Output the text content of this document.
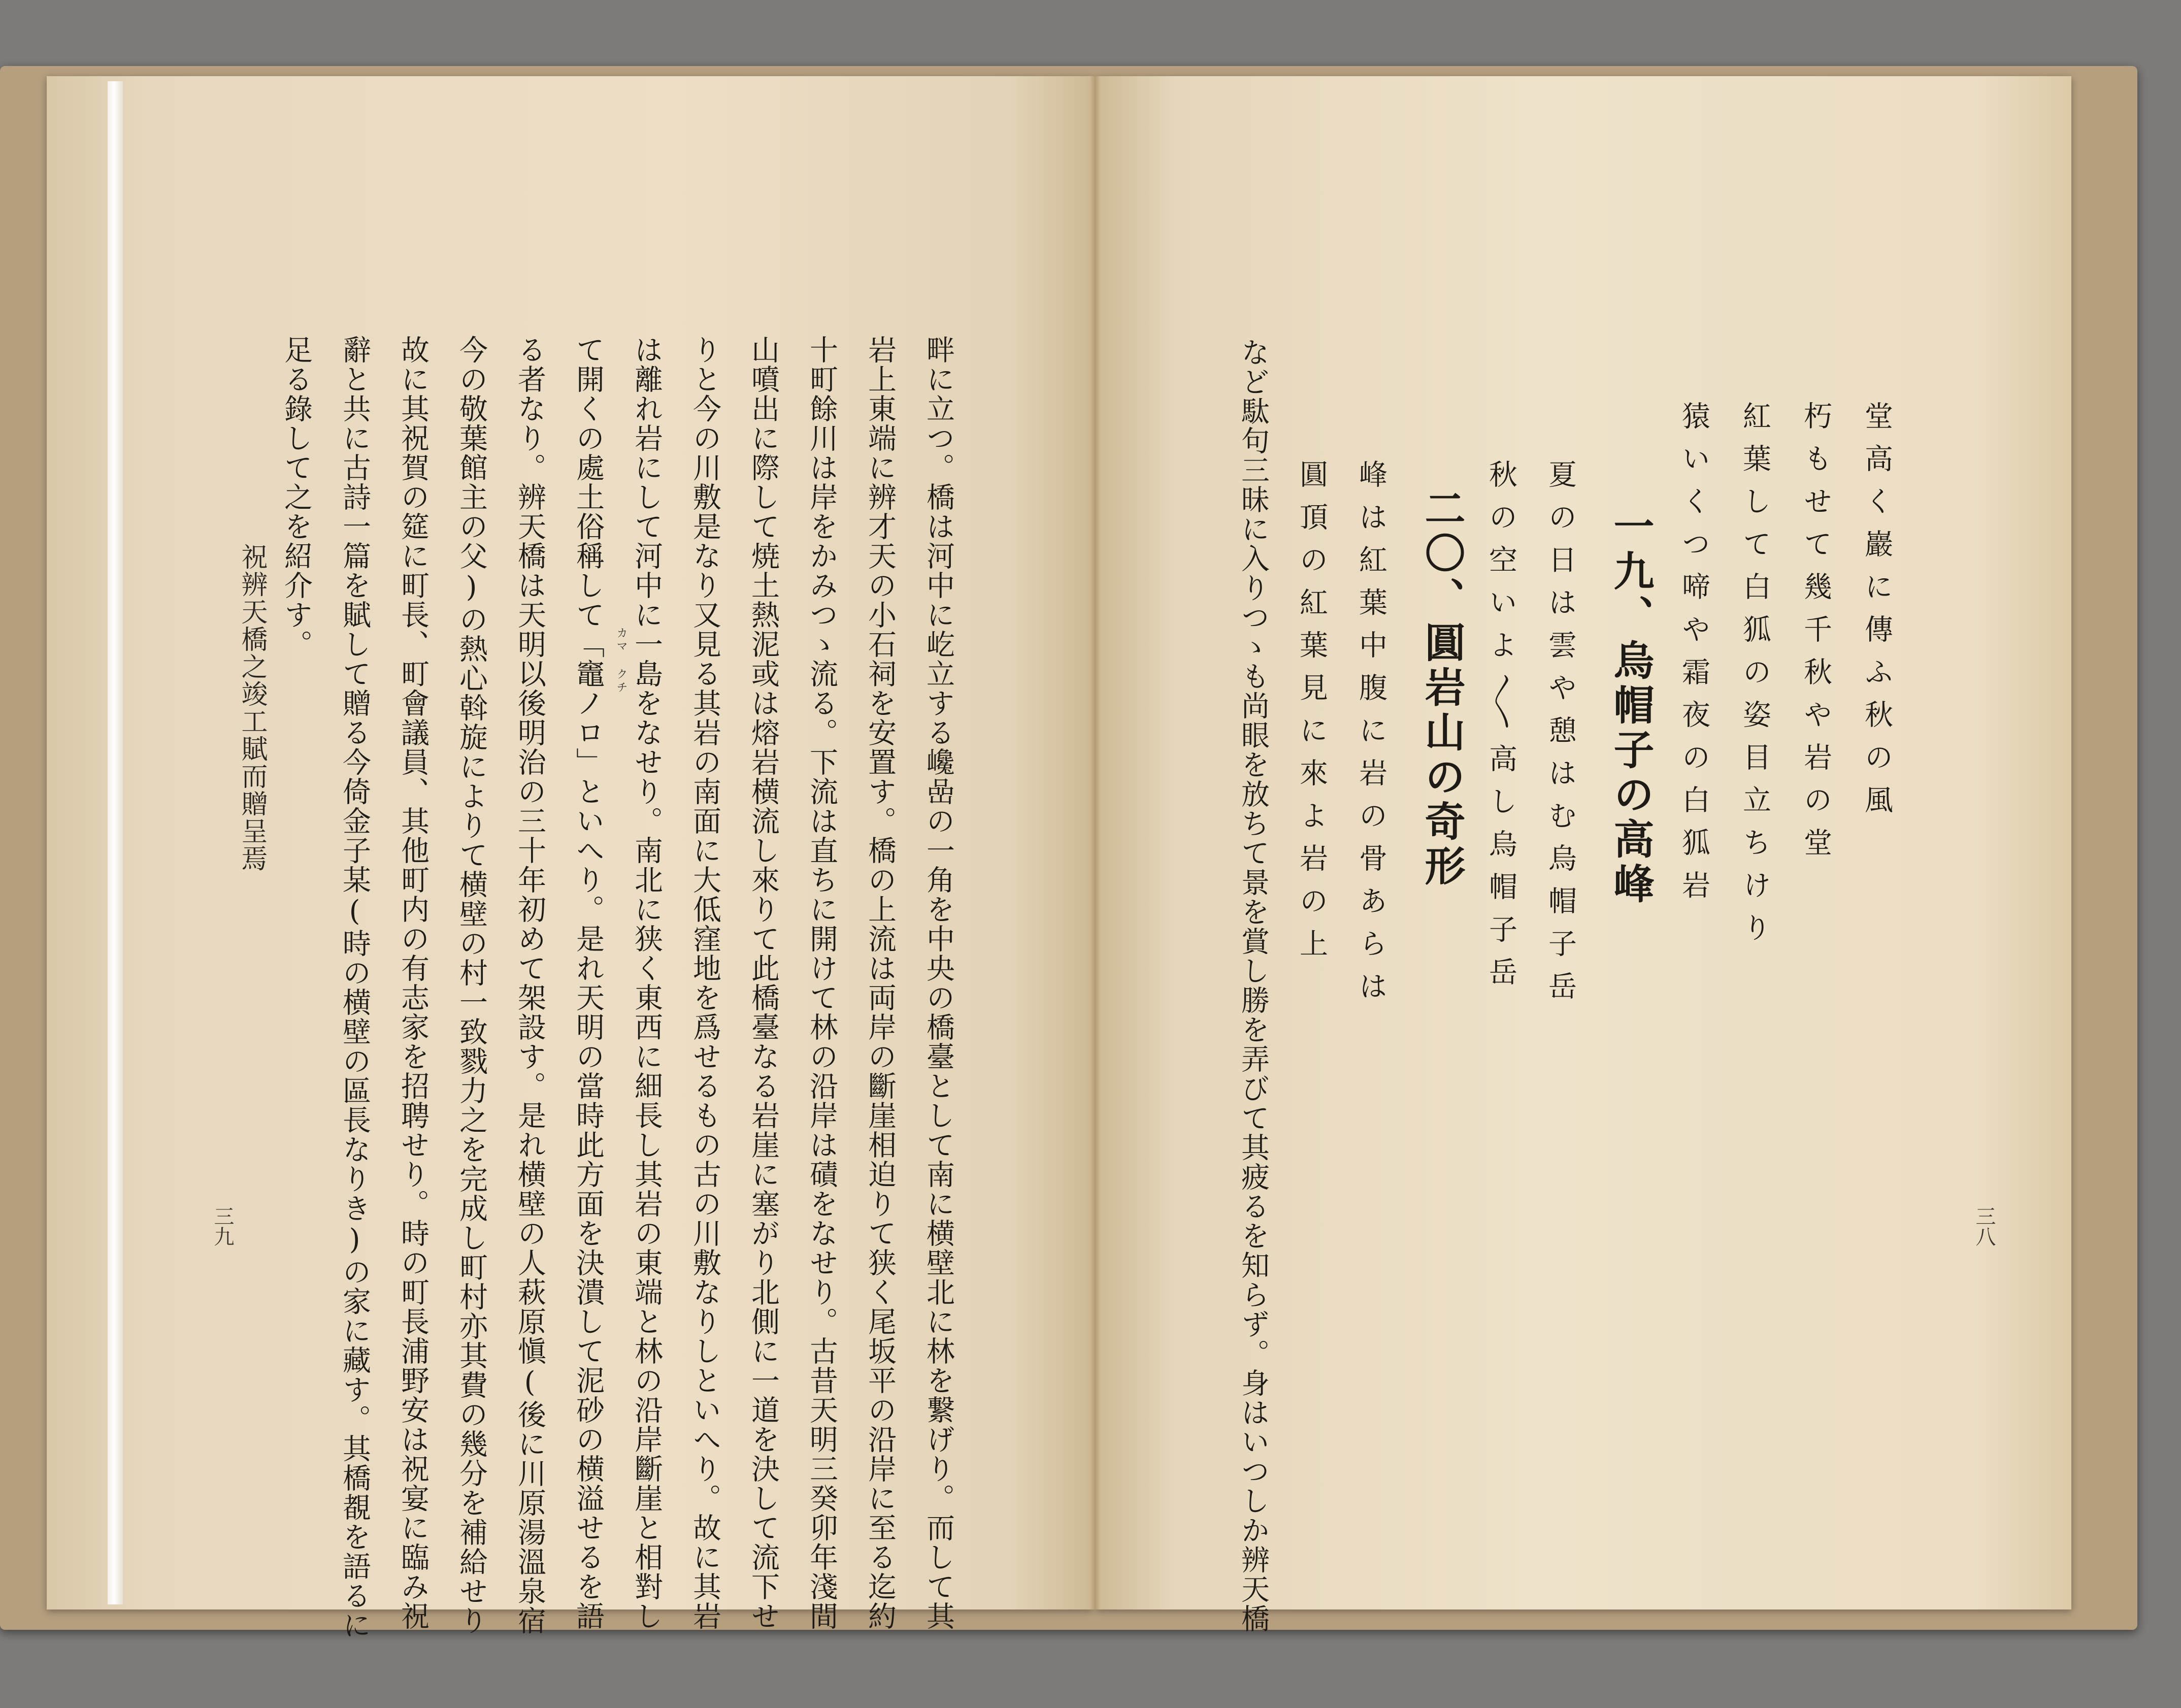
畔に立つ。橋は河中に屹立する巉嵒の一角を中央の橋臺として南に横壁北に林を繋げり。而して其

岩上東端に辨才天の小石祠を安置す。橋の上流は両岸の斷崖相迫りて狭く尾坂平の沿岸に至る迄約

十町餘川は岸をかみつゝ流る。下流は直ちに開けて林の沿岸は磧をなせり。古昔天明三癸卯年淺間

山噴出に際して焼土熱泥或は熔岩横流し來りて此橋臺なる岩崖に塞がり北側に一道を決して流下せ

りと今の川敷是なり又見る其岩の南面に大低窪地を爲せるもの古の川敷なりしといへり。故に其岩

は離れ岩にして河中に一島をなせり。南北に狭く東西に細長し其岩の東端と林の沿岸斷崖と相對し

て開くの處土俗稱して「竈ノロ」といへり。是れ天明の當時此方面を決潰して泥砂の横溢せるを語 カマ クチ

る者なり。辨天橋は天明以後明治の三十年初めて架設す。是れ横壁の人萩原愼(後に川原湯溫泉宿

今の敬葉館主の父)の熱心斡旋によりて横壁の村一致戮力之を完成し町村亦其費の幾分を補給せり

故に其祝賀の筵に町長、町會議員、其他町内の有志家を招聘せり。時の町長浦野安は祝宴に臨み祝

辭と共に古詩一篇を賦して贈る今倚金子某(時の横壁の區長なりき)の家に藏す。其橋覩を語るに

足る錄して之を紹介す。

祝辨天橋之竣工賦而贈呈焉

三九

堂高く巖に傳ふ秋の風

朽もせて幾千秋や岩の堂

紅葉して白狐の姿目立ちけり

猿いくつ啼や霜夜の白狐岩

一九、烏帽子の高峰

夏の日は雲や憩はむ烏帽子岳

秋の空いよ〳〵高し烏帽子岳

二〇、圓岩山の奇形

峰は紅葉中腹に岩の骨あらは

圓頂の紅葉見に來よ岩の上

など駄句三昧に入りつゝも尚眼を放ちて景を賞し勝を弄びて其疲るを知らず。身はいつしか辨天橋	三八
